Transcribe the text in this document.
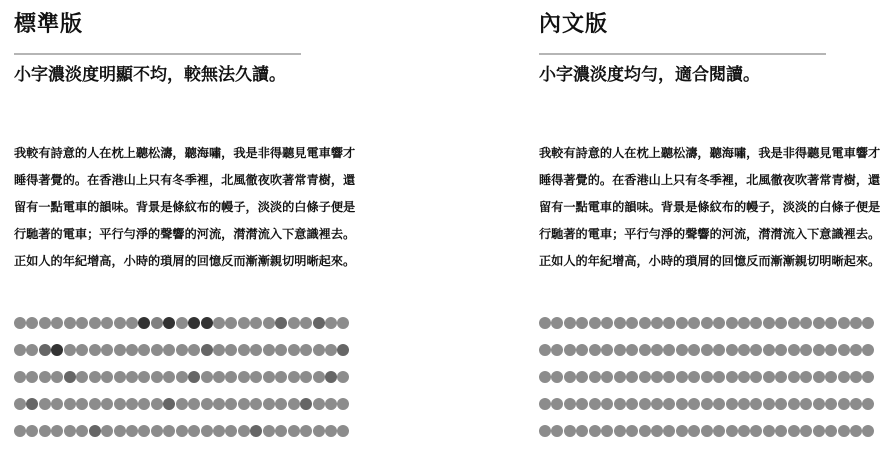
標準版
小字濃淡度明顯不均，較無法久讀。

我較有詩意的人在枕上聽松濤，聽海嘯，我是非得聽見電車響才
睡得著覺的。在香港山上只有冬季裡，北風徹夜吹著常青樹，還
留有一點電車的韻味。背景是條紋布的幔子，淡淡的白條子便是
行馳著的電車；平行勻淨的聲響的河流，潸潸流入下意識裡去。
正如人的年紀增高，小時的瑣屑的回憶反而漸漸親切明晰起來。

內文版
小字濃淡度均勻，適合閱讀。

我較有詩意的人在枕上聽松濤，聽海嘯，我是非得聽見電車響才
睡得著覺的。在香港山上只有冬季裡，北風徹夜吹著常青樹，還
留有一點電車的韻味。背景是條紋布的幔子，淡淡的白條子便是
行馳著的電車；平行勻淨的聲響的河流，潸潸流入下意識裡去。
正如人的年紀增高，小時的瑣屑的回憶反而漸漸親切明晰起來。
